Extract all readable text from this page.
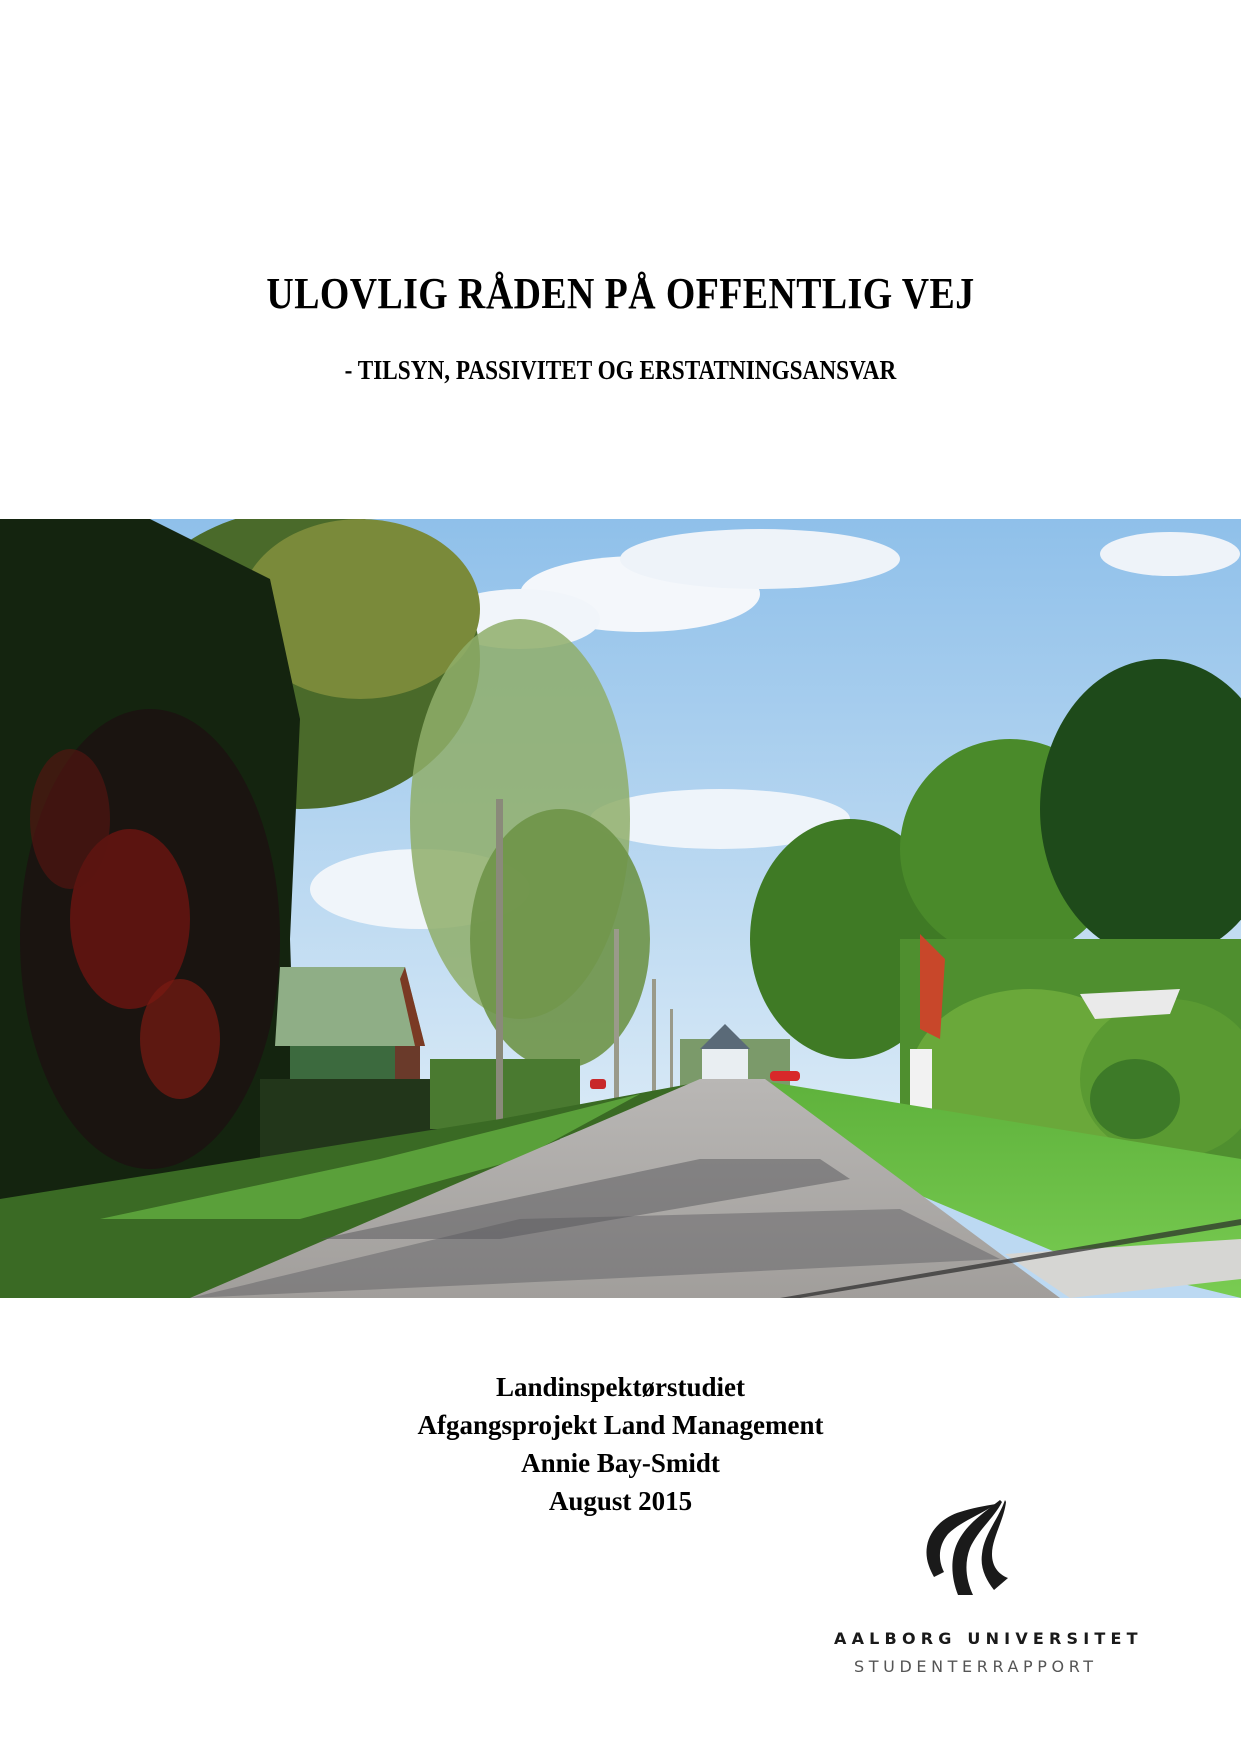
ULOVLIG RÅDEN PÅ OFFENTLIG VEJ
- TILSYN, PASSIVITET OG ERSTATNINGSANSVAR
Landinspektørstudiet
Afgangsprojekt Land Management
Annie Bay-Smidt
August 2015
AALBORG UNIVERSITET
STUDENTERRAPPORT
